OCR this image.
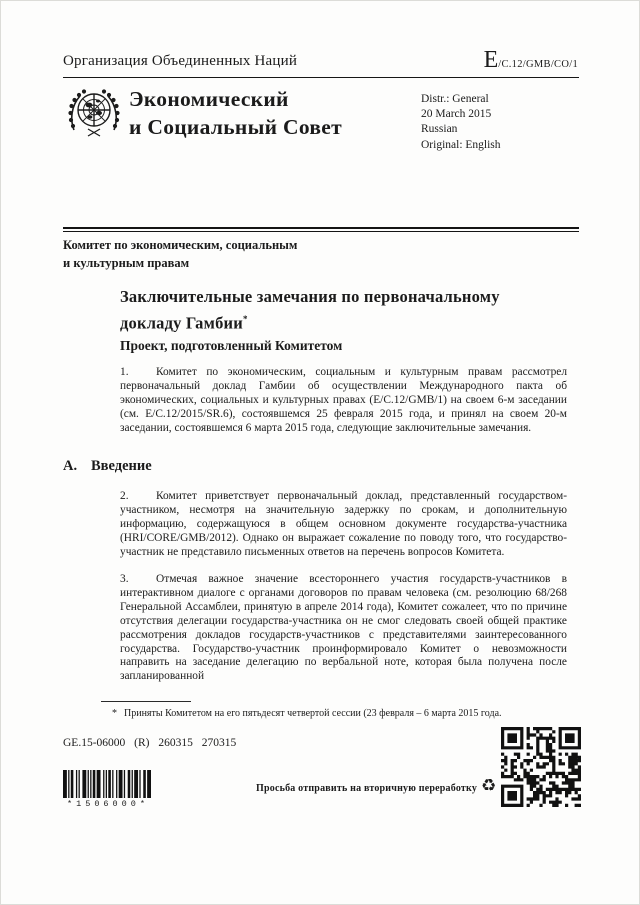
Организация Объединенных Наций	E /C.12/GMB/CO/1
Экономический
и Социальный Совет
Distr.: General
20 March 2015
Russian
Original: English
Комитет по экономическим, социальным
и культурным правам
Заключительные замечания по первоначальному
докладу Гамбии*
Проект, подготовленный Комитетом
1. Комитет по экономическим, социальным и культурным правам рассмотрел первоначальный доклад Гамбии об осуществлении Международного пакта об экономических, социальных и культурных правах (E/C.12/GMB/1) на своем 6-м заседании (см. E/C.12/2015/SR.6), состоявшемся 25 февраля 2015 года, и принял на своем 20-м заседании, состоявшемся 6 марта 2015 года, следующие заключительные замечания.
A. Введение
2. Комитет приветствует первоначальный доклад, представленный государством-участником, несмотря на значительную задержку по срокам, и дополнительную информацию, содержащуюся в общем основном документе государства-участника (HRI/CORE/GMB/2012). Однако он выражает сожаление по поводу того, что государство-участник не представило письменных ответов на перечень вопросов Комитета.
3. Отмечая важное значение всестороннего участия государств-участников в интерактивном диалоге с органами договоров по правам человека (см. резолюцию 68/268 Генеральной Ассамблеи, принятую в апреле 2014 года), Комитет сожалеет, что по причине отсутствия делегации государства-участника он не смог следовать своей общей практике рассмотрения докладов государств-участников с представителями заинтересованного государства. Государство-участник проинформировало Комитет о невозможности направить на заседание делегацию по вербальной ноте, которая была получена после запланированной
* Приняты Комитетом на его пятьдесят четвертой сессии (23 февраля – 6 марта 2015 года.
GE.15-06000 (R) 260315 270315
*1506000*
Просьба отправить на вторичную переработку ♻
